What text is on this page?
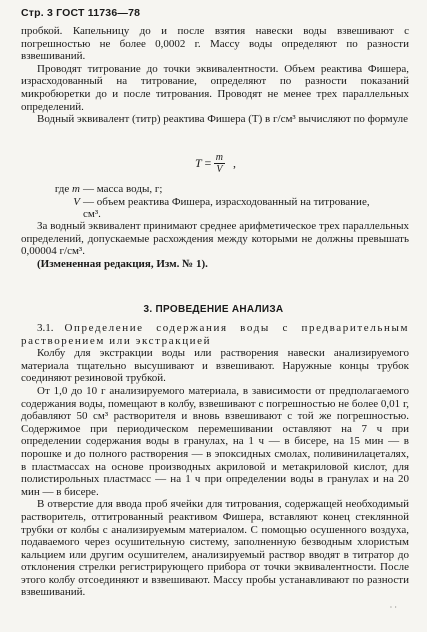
Стр. 3 ГОСТ 11736—78

пробкой. Капельницу до и после взятия навески воды взвешивают с погрешностью не более 0,0002 г. Массу воды определяют по разности взвешиваний.

Проводят титрование до точки эквивалентности. Объем реактива Фишера, израсходованный на титрование, определяют по разности показаний микробюретки до и после титрования. Проводят не менее трех параллельных определений.

Водный эквивалент (титр) реактива Фишера (T) в г/см³ вычисляют по формуле

$T = \frac{m}{V}$ ,
где m — масса воды, г;
V — объем реактива Фишера, израсходованный на титрование, см³.

За водный эквивалент принимают среднее арифметическое трех параллельных определений, допускаемые расхождения между которыми не должны превышать 0,00004 г/см³.

(Измененная редакция, Изм. № 1).

3. ПРОВЕДЕНИЕ АНАЛИЗА

3.1. Определение содержания воды с предварительным растворением или экстракцией

Колбу для экстракции воды или растворения навески анализируемого материала тщательно высушивают и взвешивают. Наружные концы трубок соединяют резиновой трубкой.

От 1,0 до 10 г анализируемого материала, в зависимости от предполагаемого содержания воды, помещают в колбу, взвешивают с погрешностью не более 0,01 г, добавляют 50 см³ растворителя и вновь взвешивают с той же погрешностью. Содержимое при периодическом перемешивании оставляют на 7 ч при определении содержания воды в гранулах, на 1 ч — в бисере, на 15 мин — в порошке и до полного растворения — в эпоксидных смолах, поливинилацеталях, в пластмассах на основе производных акриловой и метакриловой кислот, для полистирольных пластмасс — на 1 ч при определении воды в гранулах и на 20 мин — в бисере.

В отверстие для ввода проб ячейки для титрования, содержащей необходимый растворитель, оттитрованный реактивом Фишера, вставляют конец стеклянной трубки от колбы с анализируемым материалом. С помощью осушенного воздуха, подаваемого через осушительную систему, заполненную безводным хлористым кальцием или другим осушителем, анализируемый раствор вводят в титратор до отклонения стрелки регистрирующего прибора от точки эквивалентности. После этого колбу отсоединяют и взвешивают. Массу пробы устанавливают по разности взвешиваний.

· ·
